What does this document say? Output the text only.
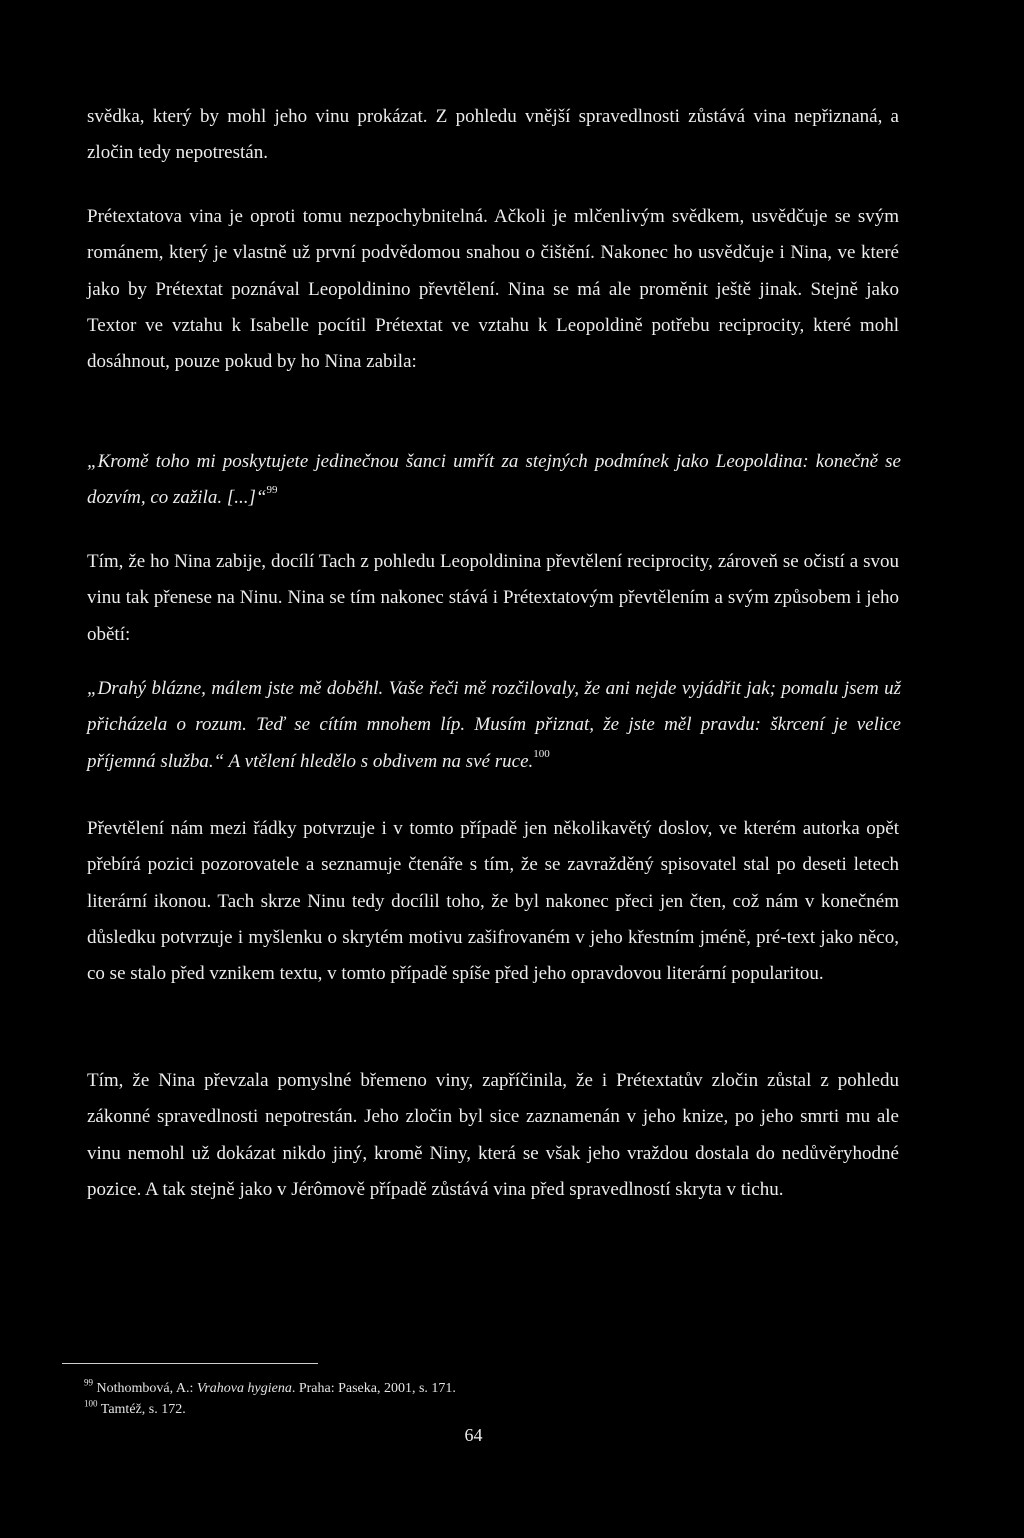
svědka, který by mohl jeho vinu prokázat. Z pohledu vnější spravedlnosti zůstává vina nepřiznaná, a zločin tedy nepotrestán.

Prétextatova vina je oproti tomu nezpochybnitelná. Ačkoli je mlčenlivým svědkem, usvědčuje se svým románem, který je vlastně už první podvědomou snahou o čištění. Nakonec ho usvědčuje i Nina, ve které jako by Prétextat poznával Leopoldinino převtělení. Nina se má ale proměnit ještě jinak. Stejně jako Textor ve vztahu k Isabelle pocítil Prétextat ve vztahu k Leopoldině potřebu reciprocity, které mohl dosáhnout, pouze pokud by ho Nina zabila:

„Kromě toho mi poskytujete jedinečnou šanci umřít za stejných podmínek jako Leopoldina: konečně se dozvím, co zažila. [...]“$^{99}$

Tím, že ho Nina zabije, docílí Tach z pohledu Leopoldinina převtělení reciprocity, zároveň se očistí a svou vinu tak přenese na Ninu. Nina se tím nakonec stává i Prétextatovým převtělením a svým způsobem i jeho obětí:

„Drahý blázne, málem jste mě doběhl. Vaše řeči mě rozčilovaly, že ani nejde vyjádřit jak; pomalu jsem už přicházela o rozum. Teď se cítím mnohem líp. Musím přiznat, že jste měl pravdu: škrcení je velice příjemná služba.“ A vtělení hledělo s obdivem na své ruce.$^{100}$

Převtělení nám mezi řádky potvrzuje i v tomto případě jen několikavětý doslov, ve kterém autorka opět přebírá pozici pozorovatele a seznamuje čtenáře s tím, že se zavražděný spisovatel stal po deseti letech literární ikonou. Tach skrze Ninu tedy docílil toho, že byl nakonec přeci jen čten, což nám v konečném důsledku potvrzuje i myšlenku o skrytém motivu zašifrovaném v jeho křestním jméně, pré-text jako něco, co se stalo před vznikem textu, v tomto případě spíše před jeho opravdovou literární popularitou.

Tím, že Nina převzala pomyslné břemeno viny, zapříčinila, že i Prétextatův zločin zůstal z pohledu zákonné spravedlnosti nepotrestán. Jeho zločin byl sice zaznamenán v jeho knize, po jeho smrti mu ale vinu nemohl už dokázat nikdo jiný, kromě Niny, která se však jeho vraždou dostala do nedůvěryhodné pozice. A tak stejně jako v Jérômově případě zůstává vina před spravedlností skryta v tichu.

$^{99}$ Nothombová, A.: Vrahova hygiena. Praha: Paseka, 2001, s. 171.
$^{100}$ Tamtéž, s. 172.
64
